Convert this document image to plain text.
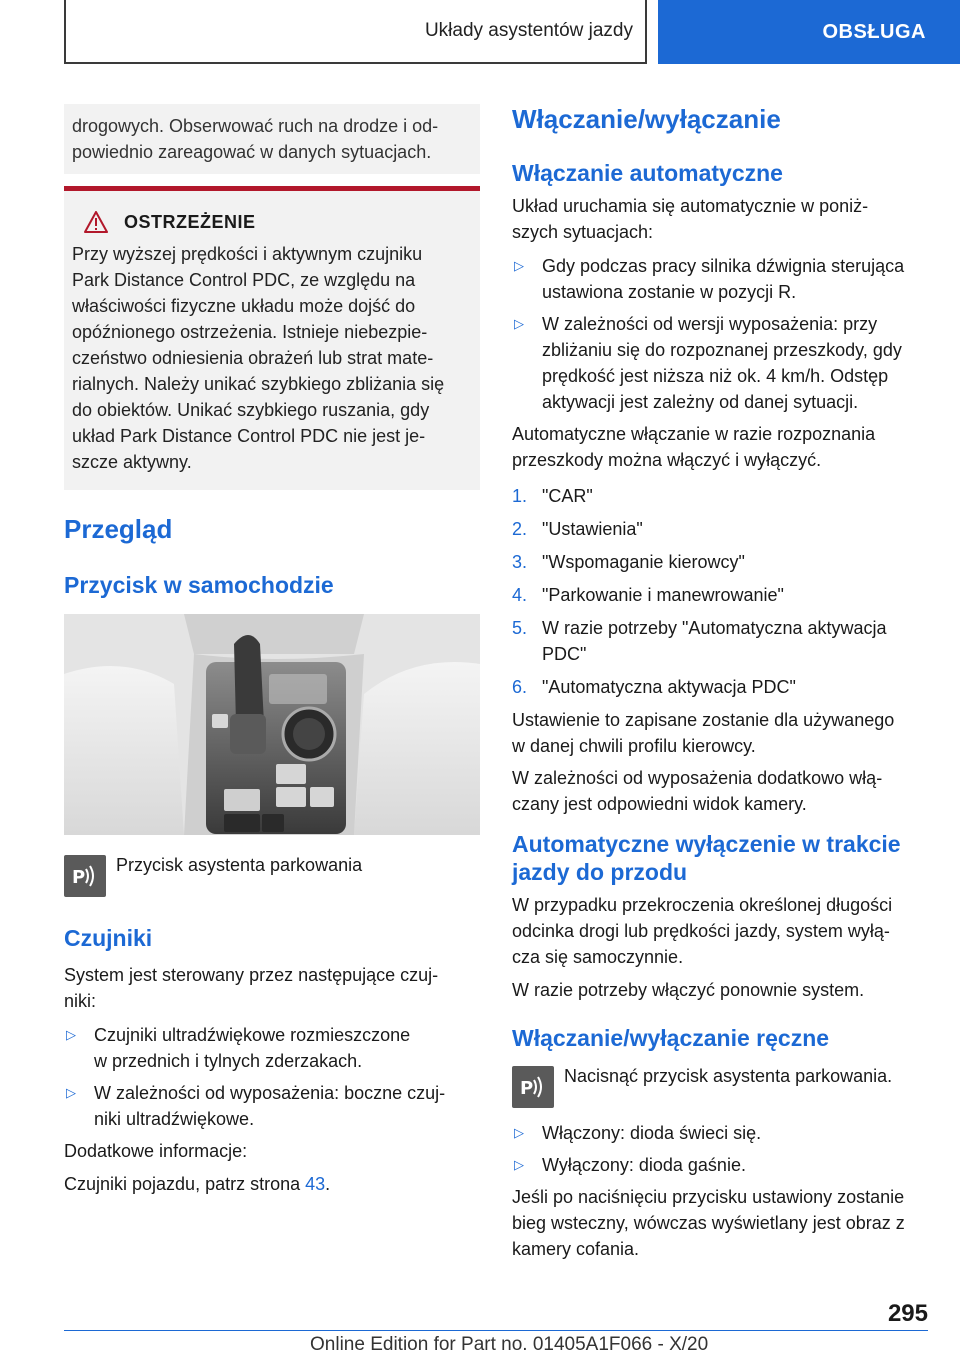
Układy asystentów jazdy	OBSŁUGA

drogowych. Obserwować ruch na drodze i od-

powiednio zareagować w danych sytuacjach.

OSTRZEŻENIE

Przy wyższej prędkości i aktywnym czujniku

Park Distance Control PDC, ze względu na

właściwości fizyczne układu może dojść do

opóźnionego ostrzeżenia. Istnieje niebezpie-

czeństwo odniesienia obrażeń lub strat mate-

rialnych. Należy unikać szybkiego zbliżania się

do obiektów. Unikać szybkiego ruszania, gdy

układ Park Distance Control PDC nie jest je-

szcze aktywny.

Przegląd
Przycisk w samochodzie
P

Przycisk asystenta parkowania

Czujniki

System jest sterowany przez następujące czuj-

niki:

▷ Czujniki ultradźwiękowe rozmieszczone
w przednich i tylnych zderzakach.
▷ W zależności od wyposażenia: boczne czuj-
niki ultradźwiękowe.

Dodatkowe informacje:

Czujniki pojazdu, patrz strona 43.

Włączanie/wyłączanie
Włączanie automatyczne

Układ uruchamia się automatycznie w poniż-

szych sytuacjach:

▷ Gdy podczas pracy silnika dźwignia sterująca
ustawiona zostanie w pozycji R.
▷ W zależności od wersji wyposażenia: przy
zbliżaniu się do rozpoznanej przeszkody, gdy
prędkość jest niższa niż ok. 4 km/h. Odstęp
aktywacji jest zależny od danej sytuacji.

Automatyczne włączanie w razie rozpoznania

przeszkody można włączyć i wyłączyć.

1. "CAR"
2. "Ustawienia"
3. "Wspomaganie kierowcy"
4. "Parkowanie i manewrowanie"
5. W razie potrzeby "Automatyczna aktywacja
PDC"
6. "Automatyczna aktywacja PDC"

Ustawienie to zapisane zostanie dla używanego

w danej chwili profilu kierowcy.

W zależności od wyposażenia dodatkowo włą-

czany jest odpowiedni widok kamery.

Automatyczne wyłączenie w trakcie jazdy do przodu

W przypadku przekroczenia określonej długości

odcinka drogi lub prędkości jazdy, system wyłą-

cza się samoczynnie.

W razie potrzeby włączyć ponownie system.

Włączanie/wyłączanie ręczne
P

Nacisnąć przycisk asystenta parkowania.

▷ Włączony: dioda świeci się.
▷ Wyłączony: dioda gaśnie.

Jeśli po naciśnięciu przycisku ustawiony zostanie

bieg wsteczny, wówczas wyświetlany jest obraz z

kamery cofania.

295
Online Edition for Part no. 01405A1F066 - X/20
